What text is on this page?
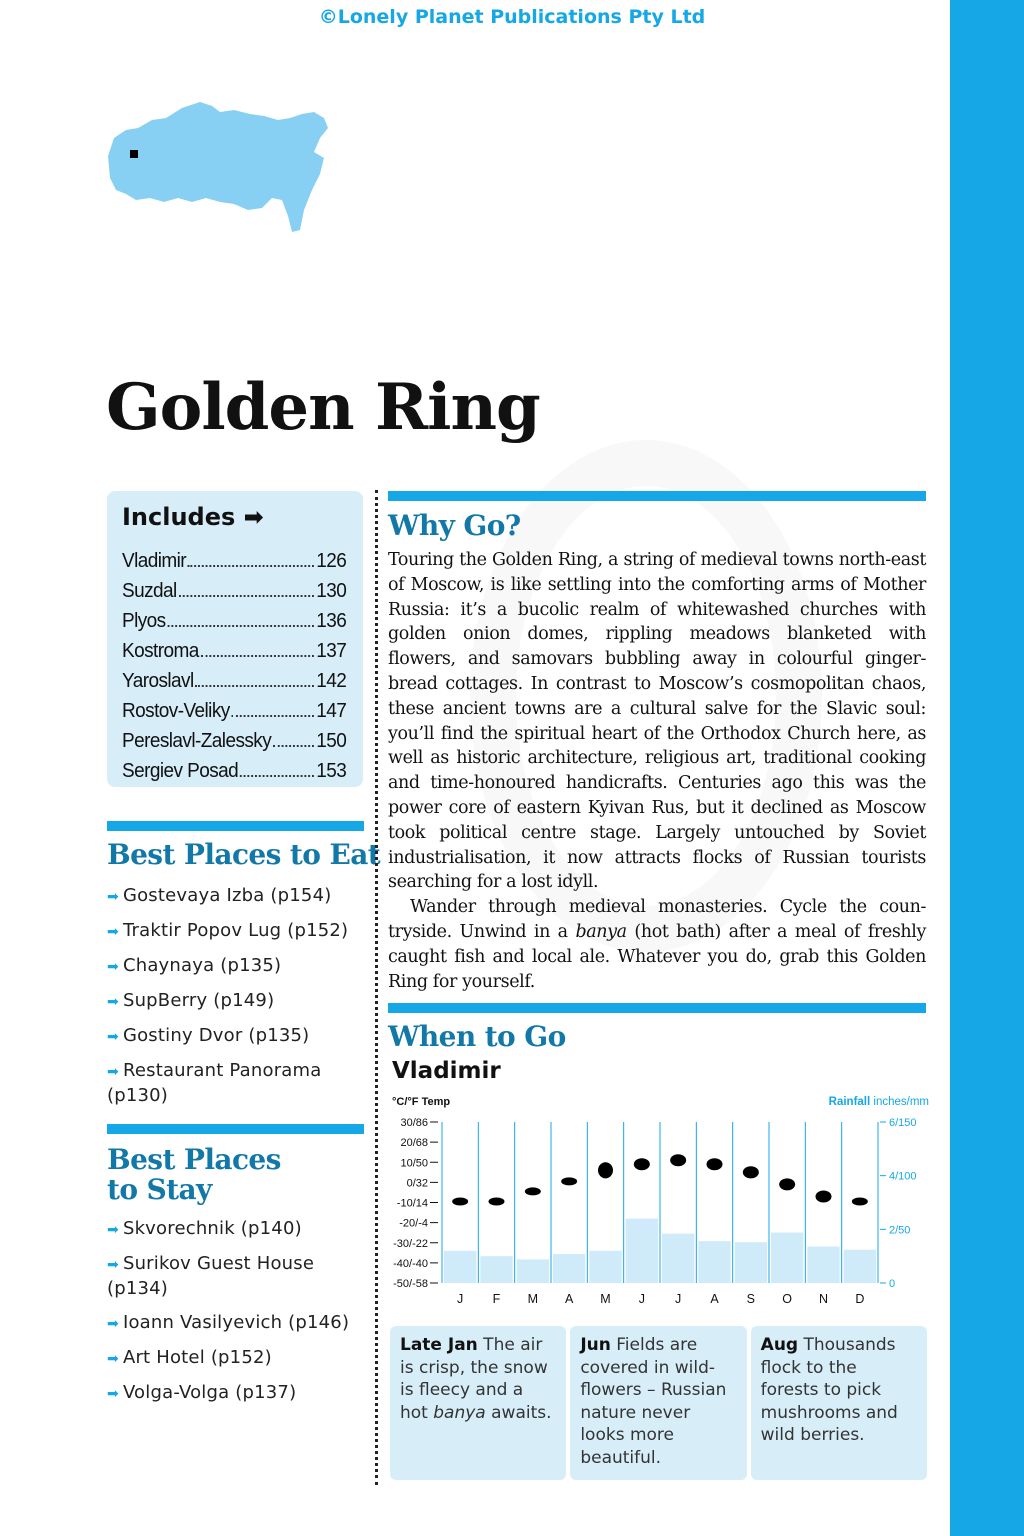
©Lonely Planet Publications Pty Ltd
Golden Ring
Includes ➡
Vladimir	126
Suzdal	130
Plyos	136
Kostroma	137
Yaroslavl	142
Rostov-Veliky	147
Pereslavl-Zalessky 150
Sergiev Posad	153
Best Places to Eat
➡ Gostevaya Izba (p154)
➡ Traktir Popov Lug (p152)
➡ Chaynaya (p135)
➡ SupBerry (p149)
➡ Gostiny Dvor (p135)
➡ Restaurant Panorama (p130)
Best Places
to Stay
➡ Skvorechnik (p140)
➡ Surikov Guest House (p134)
➡ Ioann Vasilyevich (p146)
➡ Art Hotel (p152)
➡ Volga-Volga (p137)
Why Go?

Touring the Golden Ring, a string of medieval towns north-east of Moscow, is like settling into the comforting arms of Mother Russia: it’s a bucolic realm of whitewashed churches with golden onion domes, rippling meadows blanketed with flowers, and samovars bubbling away in colourful ginger-bread cottages. In contrast to Moscow’s cosmopolitan chaos, these ancient towns are a cultural salve for the Slavic soul: you’ll find the spiritual heart of the Orthodox Church here, as well as historic architecture, religious art, traditional cooking and time-honoured handicrafts. Centuries ago this was the power core of eastern Kyivan Rus, but it declined as Moscow took political centre stage. Largely untouched by Soviet industrialisation, it now attracts flocks of Russian tourists searching for a lost idyll.

Wander through medieval monasteries. Cycle the coun-tryside. Unwind in a banya (hot bath) after a meal of freshly caught fish and local ale. Whatever you do, grab this Golden Ring for yourself.

When to Go
Vladimir
°C/°F Temp	Rainfall inches/mm
30/86
20/68
10/50
0/32
-10/14
-20/-4
-30/-22
-40/-40
-50/-58
6/150
4/100
2/50
0
J F M A M J J A S O N D
Late Jan The air is crisp, the snow is fleecy and a hot banya awaits.
Jun Fields are covered in wild-flowers – Russian nature never looks more beautiful.
Aug Thousands flock to the forests to pick mushrooms and wild berries.
